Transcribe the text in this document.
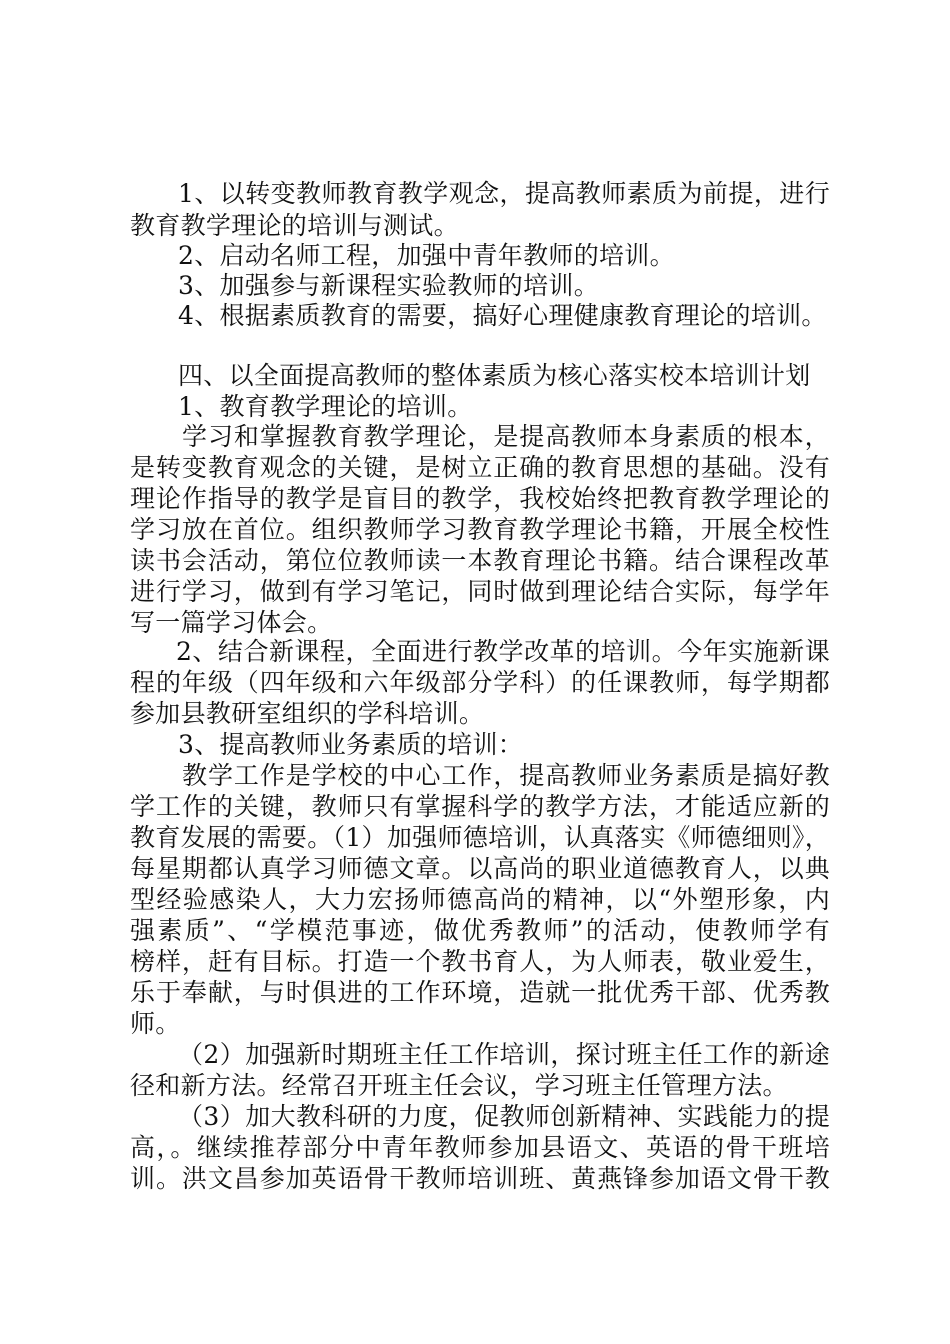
1、以转变教师教育教学观念，提高教师素质为前提，进行
教育教学理论的培训与测试。
2、启动名师工程，加强中青年教师的培训。
3、加强参与新课程实验教师的培训。
4、根据素质教育的需要，搞好心理健康教育理论的培训。
四、以全面提高教师的整体素质为核心落实校本培训计划
1、教育教学理论的培训。
学习和掌握教育教学理论，是提高教师本身素质的根本，
是转变教育观念的关键，是树立正确的教育思想的基础。没有
理论作指导的教学是盲目的教学，我校始终把教育教学理论的
学习放在首位。组织教师学习教育教学理论书籍，开展全校性
读书会活动，第位位教师读一本教育理论书籍。结合课程改革
进行学习，做到有学习笔记，同时做到理论结合实际，每学年
写一篇学习体会。
2、结合新课程，全面进行教学改革的培训。今年实施新课
程的年级（四年级和六年级部分学科）的任课教师，每学期都
参加县教研室组织的学科培训。
3、提高教师业务素质的培训：
教学工作是学校的中心工作，提高教师业务素质是搞好教
学工作的关键，教师只有掌握科学的教学方法，才能适应新的
教育发展的需要。（1）加强师德培训，认真落实《师德细则》，
每星期都认真学习师德文章。以高尚的职业道德教育人，以典
型经验感染人，大力宏扬师德高尚的精神，以“外塑形象，内
强素质”、“学模范事迹，做优秀教师”的活动，使教师学有
榜样，赶有目标。打造一个教书育人，为人师表，敬业爱生，
乐于奉献，与时俱进的工作环境，造就一批优秀干部、优秀教
师。
（2）加强新时期班主任工作培训，探讨班主任工作的新途
径和新方法。经常召开班主任会议，学习班主任管理方法。
（3）加大教科研的力度，促教师创新精神、实践能力的提
高，。继续推荐部分中青年教师参加县语文、英语的骨干班培
训。洪文昌参加英语骨干教师培训班、黄燕锋参加语文骨干教
